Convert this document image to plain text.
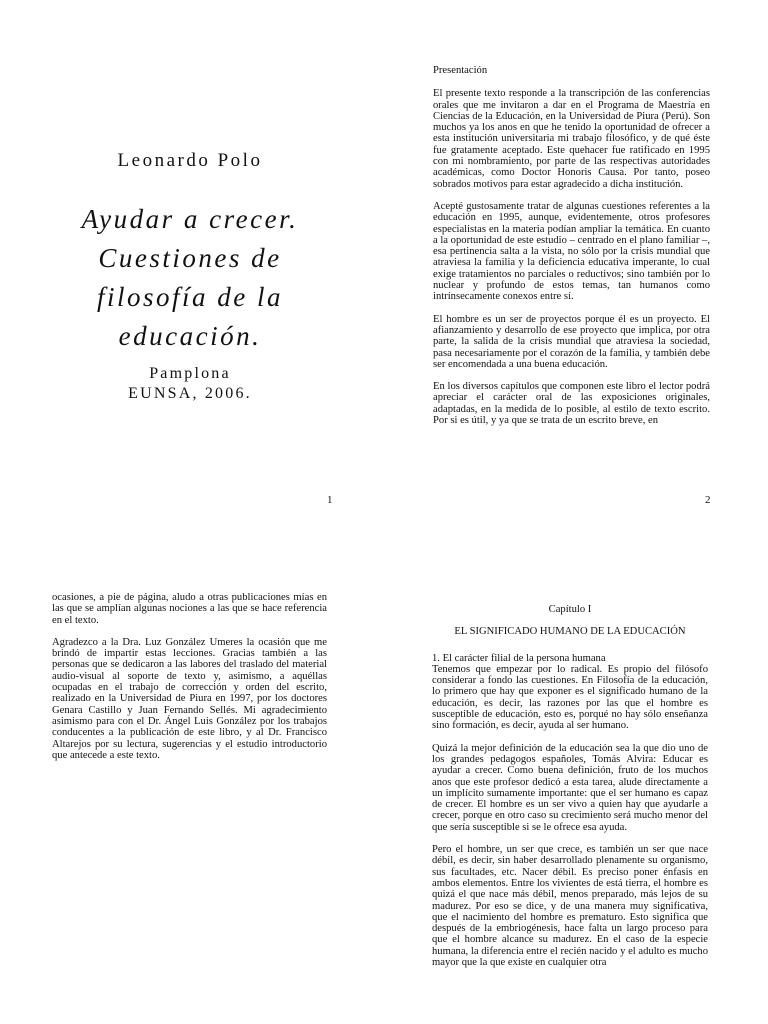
Leonardo Polo
Ayudar a crecer.
Cuestiones de
filosofía de la
educación.
Pamplona
EUNSA, 2006.
1

Presentación

El presente texto responde a la transcripción de las conferencias orales que me invitaron a dar en el Programa de Maestría en Ciencias de la Educación, en la Universidad de Piura (Perú). Son muchos ya los anos en que he tenido la oportunidad de ofrecer a esta institución universitaria mi trabajo filosófico, y de qué éste fue gratamente aceptado. Este quehacer fue ratificado en 1995 con mi nombramiento, por parte de las respectivas autoridades académicas, como Doctor Honoris Causa. Por tanto, poseo sobrados motivos para estar agradecido a dicha institución.

Acepté gustosamente tratar de algunas cuestiones referentes a la educación en 1995, aunque, evidentemente, otros profesores especialistas en la materia podían ampliar la temática. En cuanto a la oportunidad de este estudio – centrado en el plano familiar –, esa pertinencia salta a la vista, no sólo por la crisis mundial que atraviesa la familia y la deficiencia educativa imperante, lo cual exige tratamientos no parciales o reductivos; sino también por lo nuclear y profundo de estos temas, tan humanos como intrínsecamente conexos entre sí.

El hombre es un ser de proyectos porque él es un proyecto. El afianzamiento y desarrollo de ese proyecto que implica, por otra parte, la salida de la crisis mundial que atraviesa la sociedad, pasa necesariamente por el corazón de la familia, y también debe ser encomendada a una buena educación.

En los diversos capítulos que componen este libro el lector podrá apreciar el carácter oral de las exposiciones originales, adaptadas, en la medida de lo posible, al estilo de texto escrito. Por si es útil, y ya que se trata de un escrito breve, en

2

ocasiones, a pie de página, aludo a otras publicaciones mías en las que se amplían algunas nociones a las que se hace referencia en el texto.

Agradezco a la Dra. Luz González Umeres la ocasión que me brindó de impartir estas lecciones. Gracias también a las personas que se dedicaron a las labores del traslado del material audio-visual al soporte de texto y, asimismo, a aquéllas ocupadas en el trabajo de corrección y orden del escrito, realizado en la Universidad de Piura en 1997, por los doctores Genara Castillo y Juan Fernando Sellés. Mi agradecimiento asimismo para con el Dr. Ángel Luis González por los trabajos conducentes a la publicación de este libro, y al Dr. Francisco Altarejos por su lectura, sugerencias y el estudio introductorio que antecede a este texto.

Capítulo I

EL SIGNIFICADO HUMANO DE LA EDUCACIÓN

1. El carácter filial de la persona humana

Tenemos que empezar por lo radical. Es propio del filósofo considerar a fondo las cuestiones. En Filosofía de la educación, lo primero que hay que exponer es el significado humano de la educación, es decir, las razones por las que el hombre es susceptible de educación, esto es, porqué no hay sólo enseñanza sino formación, es decir, ayuda al ser humano.

Quizá la mejor definición de la educación sea la que dio uno de los grandes pedagogos españoles, Tomás Alvira: Educar es ayudar a crecer. Como buena definición, fruto de los muchos anos que este profesor dedicó a esta tarea, alude directamente a un implícito sumamente importante: que el ser humano es capaz de crecer. El hombre es un ser vivo a quien hay que ayudarle a crecer, porque en otro caso su crecimiento será mucho menor del que sería susceptible si se le ofrece esa ayuda.

Pero el hombre, un ser que crece, es también un ser que nace débil, es decir, sin haber desarrollado plenamente su organismo, sus facultades, etc. Nacer débil. Es preciso poner énfasis en ambos elementos. Entre los vivientes de está tierra, el hombre es quizá el que nace más débil, menos preparado, más lejos de su madurez. Por eso se dice, y de una manera muy significativa, que el nacimiento del hombre es prematuro. Esto significa que después de la embriogénesis, hace falta un largo proceso para que el hombre alcance su madurez. En el caso de la especie humana, la diferencia entre el recién nacido y el adulto es mucho mayor que la que existe en cualquier otra
